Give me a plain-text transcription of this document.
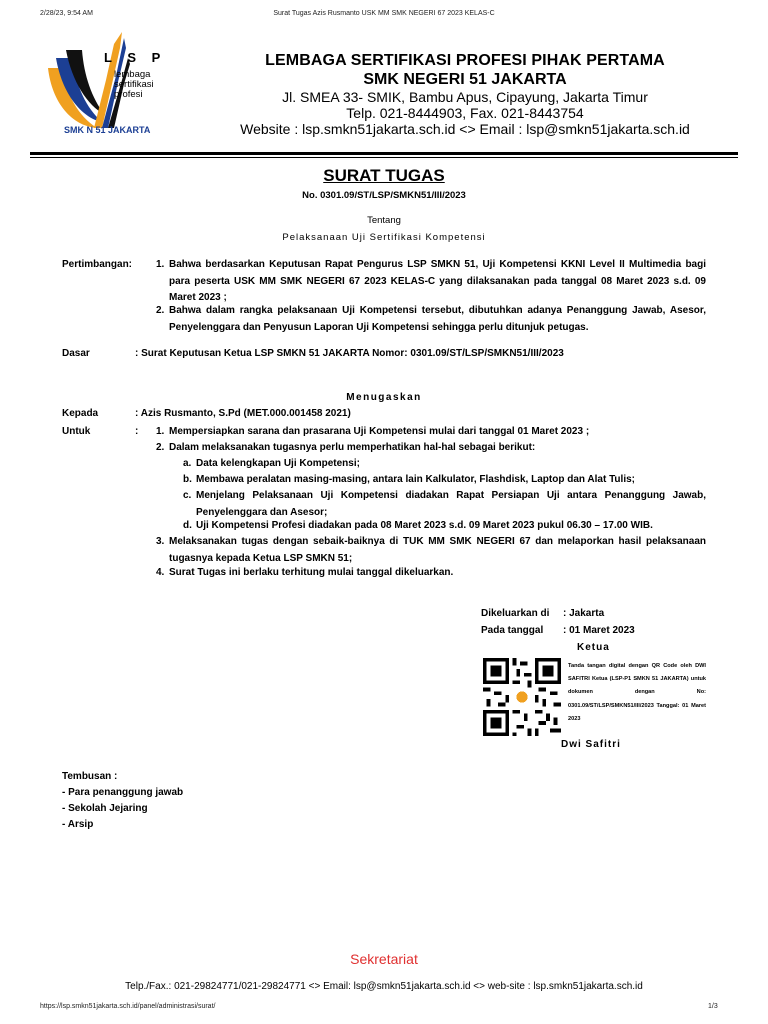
2/28/23, 9:54 AM	Surat Tugas Azis Rusmanto USK MM SMK NEGERI 67 2023 KELAS-C
L S P
lembaga
sertifikasi
profesi
SMK N 51 JAKARTA
LEMBAGA SERTIFIKASI PROFESI PIHAK PERTAMA
SMK NEGERI 51 JAKARTA
Jl. SMEA 33- SMIK, Bambu Apus, Cipayung, Jakarta Timur
Telp. 021-8444903, Fax. 021-8443754
Website : lsp.smkn51jakarta.sch.id <> Email : lsp@smkn51jakarta.sch.id
SURAT TUGAS
No. 0301.09/ST/LSP/SMKN51/III/2023
Tentang
Pelaksanaan Uji Sertifikasi Kompetensi
Pertimbangan: 1. Bahwa berdasarkan Keputusan Rapat Pengurus LSP SMKN 51, Uji Kompetensi KKNI Level II Multimedia bagi para peserta USK MM SMK NEGERI 67 2023 KELAS-C yang dilaksanakan pada tanggal 08 Maret 2023 s.d. 09 Maret 2023 ;
2. Bahwa dalam rangka pelaksanaan Uji Kompetensi tersebut, dibutuhkan adanya Penanggung Jawab, Asesor, Penyelenggara dan Penyusun Laporan Uji Kompetensi sehingga perlu ditunjuk petugas.
Dasar	: Surat Keputusan Ketua LSP SMKN 51 JAKARTA Nomor: 0301.09/ST/LSP/SMKN51/III/2023
Menugaskan
Kepada	: Azis Rusmanto, S.Pd (MET.000.001458 2021)
Untuk	: 1. Mempersiapkan sarana dan prasarana Uji Kompetensi mulai dari tanggal 01 Maret 2023 ;
2. Dalam melaksanakan tugasnya perlu memperhatikan hal-hal sebagai berikut:
a. Data kelengkapan Uji Kompetensi;
b. Membawa peralatan masing-masing, antara lain Kalkulator, Flashdisk, Laptop dan Alat Tulis;
c. Menjelang Pelaksanaan Uji Kompetensi diadakan Rapat Persiapan Uji antara Penanggung Jawab, Penyelenggara dan Asesor;
d. Uji Kompetensi Profesi diadakan pada 08 Maret 2023 s.d. 09 Maret 2023 pukul 06.30 – 17.00 WIB.
3. Melaksanakan tugas dengan sebaik-baiknya di TUK MM SMK NEGERI 67 dan melaporkan hasil pelaksanaan tugasnya kepada Ketua LSP SMKN 51;
4. Surat Tugas ini berlaku terhitung mulai tanggal dikeluarkan.
Dikeluarkan di : Jakarta
Pada tanggal : 01 Maret 2023
Ketua
Tanda tangan digital dengan QR Code oleh DWI SAFITRI Ketua (LSP-P1 SMKN 51 JAKARTA) untuk dokumen dengan No: 0301.09/ST/LSP/SMKN51/III/2023 Tanggal: 01 Maret 2023
Dwi Safitri
Tembusan :
- Para penanggung jawab
- Sekolah Jejaring
- Arsip
Sekretariat
Telp./Fax.: 021-29824771/021-29824771 <> Email: lsp@smkn51jakarta.sch.id <> web-site : lsp.smkn51jakarta.sch.id
https://lsp.smkn51jakarta.sch.id/panel/administrasi/surat/	1/3
